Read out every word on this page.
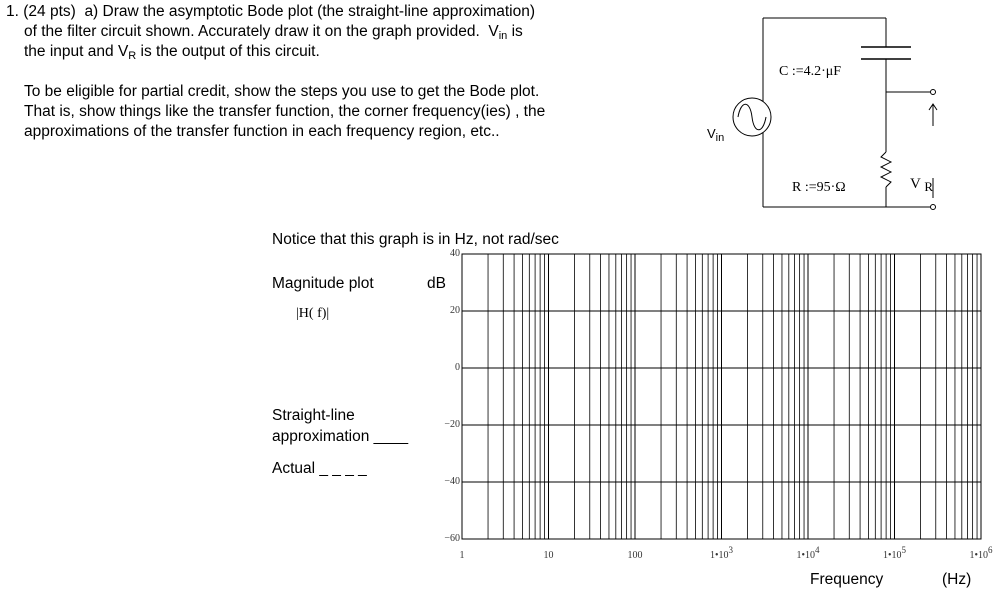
1. (24 pts) a) Draw the asymptotic Bode plot (the straight-line approximation)
of the filter circuit shown. Accurately draw it on the graph provided. $V_{in}$ is
the input and $V_R$ is the output of this circuit.
To be eligible for partial credit, show the steps you use to get the Bode plot.
That is, show things like the transfer function, the corner frequency(ies) , the
approximations of the transfer function in each frequency region, etc..
C :=4.2·μF
R :=95·Ω
$V_{in}$
V $_R$
Notice that this graph is in Hz, not rad/sec
Magnitude plot	dB
|H( f)|
Straight-line
approximation ____
Actual _ _ _ _
40
20
0
−20
−40
−60
1	10	100	$1•10^3$	$1•10^4$	$1•10^5$	$1•10^6$
Frequency	(Hz)
